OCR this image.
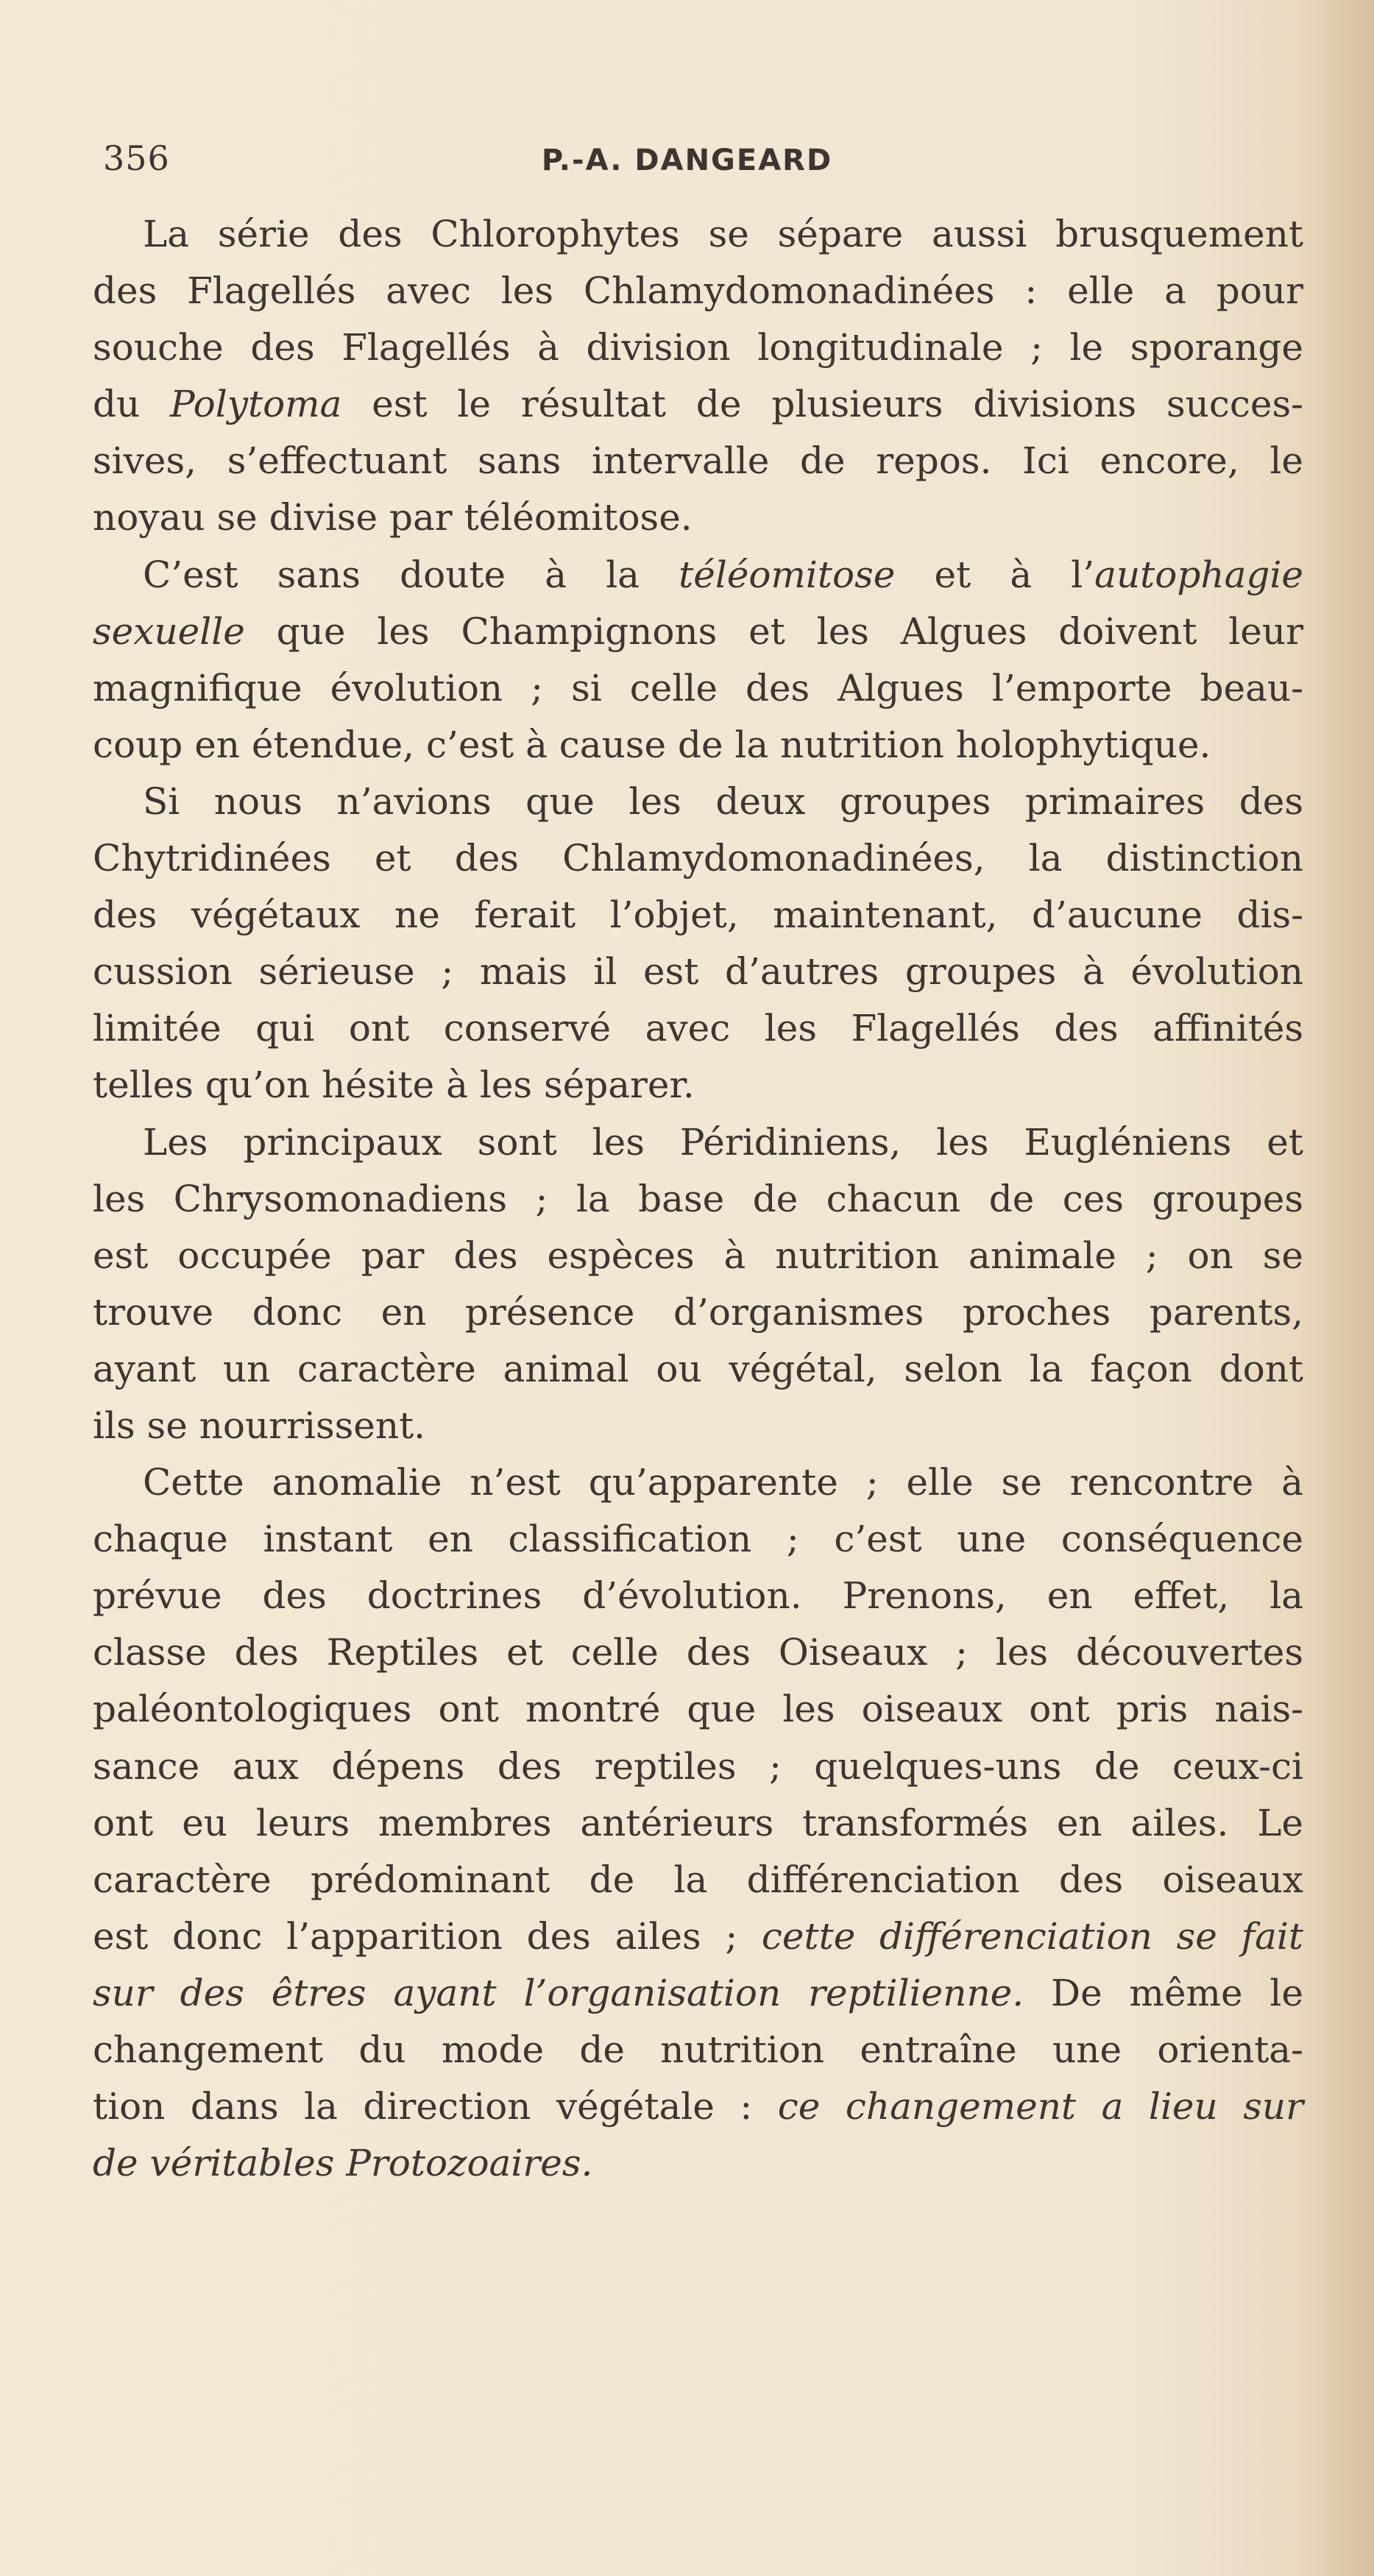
356	P.-A. DANGEARD
La série des Chlorophytes se sépare aussi brusquement
des Flagellés avec les Chlamydomonadinées : elle a pour
souche des Flagellés à division longitudinale ; le sporange
du Polytoma est le résultat de plusieurs divisions succes-
sives, s’effectuant sans intervalle de repos. Ici encore, le
noyau se divise par téléomitose.
C’est sans doute à la téléomitose et à l’autophagie
sexuelle que les Champignons et les Algues doivent leur
magnifique évolution ; si celle des Algues l’emporte beau-
coup en étendue, c’est à cause de la nutrition holophytique.
Si nous n’avions que les deux groupes primaires des
Chytridinées et des Chlamydomonadinées, la distinction
des végétaux ne ferait l’objet, maintenant, d’aucune dis-
cussion sérieuse ; mais il est d’autres groupes à évolution
limitée qui ont conservé avec les Flagellés des affinités
telles qu’on hésite à les séparer.
Les principaux sont les Péridiniens, les Eugléniens et
les Chrysomonadiens ; la base de chacun de ces groupes
est occupée par des espèces à nutrition animale ; on se
trouve donc en présence d’organismes proches parents,
ayant un caractère animal ou végétal, selon la façon dont
ils se nourrissent.
Cette anomalie n’est qu’apparente ; elle se rencontre à
chaque instant en classification ; c’est une conséquence
prévue des doctrines d’évolution. Prenons, en effet, la
classe des Reptiles et celle des Oiseaux ; les découvertes
paléontologiques ont montré que les oiseaux ont pris nais-
sance aux dépens des reptiles ; quelques-uns de ceux-ci
ont eu leurs membres antérieurs transformés en ailes. Le
caractère prédominant de la différenciation des oiseaux
est donc l’apparition des ailes ; cette différenciation se fait
sur des êtres ayant l’organisation reptilienne. De même le
changement du mode de nutrition entraîne une orienta-
tion dans la direction végétale : ce changement a lieu sur
de véritables Protozoaires.
